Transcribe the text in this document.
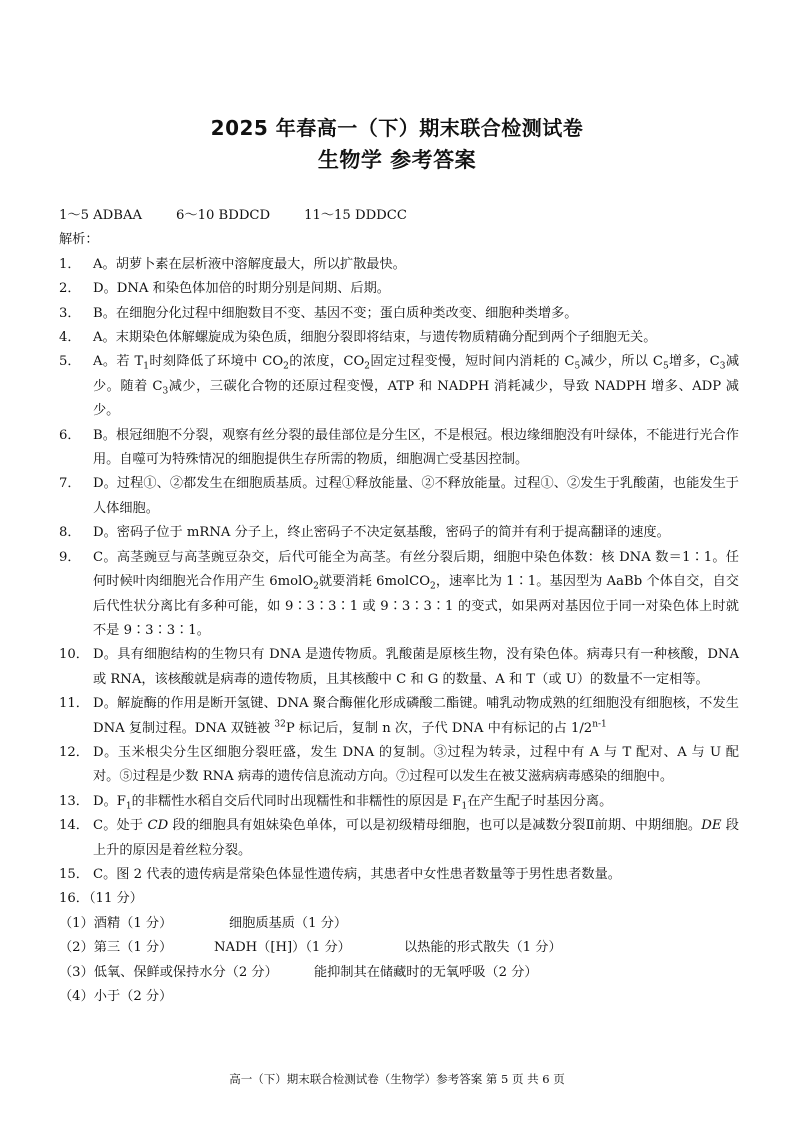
2025 年春高一（下）期末联合检测试卷
生物学 参考答案
1～5 ADBAA	6～10 BDDCD	11～15 DDDCC
解析：
1． A。胡萝卜素在层析液中溶解度最大，所以扩散最快。
2． D。DNA 和染色体加倍的时期分别是间期、后期。
3． B。在细胞分化过程中细胞数目不变、基因不变；蛋白质种类改变、细胞种类增多。
4． A。末期染色体解螺旋成为染色质，细胞分裂即将结束，与遗传物质精确分配到两个子细胞无关。
5． A。若 $T_1$时刻降低了环境中 $CO_2$的浓度，$CO_2$固定过程变慢，短时间内消耗的 $C_5$减少，所以 $C_5$增多，$C_3$减少。随着 $C_3$减少，三碳化合物的还原过程变慢，ATP 和 NADPH 消耗减少，导致 NADPH 增多、ADP 减少。
6． B。根冠细胞不分裂，观察有丝分裂的最佳部位是分生区，不是根冠。根边缘细胞没有叶绿体，不能进行光合作用。自噬可为特殊情况的细胞提供生存所需的物质，细胞凋亡受基因控制。
7． D。过程①、②都发生在细胞质基质。过程①释放能量、②不释放能量。过程①、②发生于乳酸菌，也能发生于人体细胞。
8． D。密码子位于 mRNA 分子上，终止密码子不决定氨基酸，密码子的简并有利于提高翻译的速度。
9． C。高茎豌豆与高茎豌豆杂交，后代可能全为高茎。有丝分裂后期，细胞中染色体数：核 DNA 数＝1∶1。任何时候叶肉细胞光合作用产生 6molO$_2$就要消耗 6molCO$_2$，速率比为 1∶1。基因型为 AaBb 个体自交，自交后代性状分离比有多种可能，如 9∶3∶3∶1 或 9∶3∶3∶1 的变式，如果两对基因位于同一对染色体上时就不是 9∶3∶3∶1。
10． D。具有细胞结构的生物只有 DNA 是遗传物质。乳酸菌是原核生物，没有染色体。病毒只有一种核酸，DNA 或 RNA，该核酸就是病毒的遗传物质，且其核酸中 C 和 G 的数量、A 和 T（或 U）的数量不一定相等。
11． D。解旋酶的作用是断开氢键、DNA 聚合酶催化形成磷酸二酯键。哺乳动物成熟的红细胞没有细胞核，不发生 DNA 复制过程。DNA 双链被 $^{32}$P 标记后，复制 n 次，子代 DNA 中有标记的占 1/2$^{n-1}$
12． D。玉米根尖分生区细胞分裂旺盛，发生 DNA 的复制。③过程为转录，过程中有 A 与 T 配对、A 与 U 配对。⑤过程是少数 RNA 病毒的遗传信息流动方向。⑦过程可以发生在被艾滋病病毒感染的细胞中。
13． D。$F_1$的非糯性水稻自交后代同时出现糯性和非糯性的原因是 $F_1$在产生配子时基因分离。
14． C。处于 CD 段的细胞具有姐妹染色单体，可以是初级精母细胞，也可以是减数分裂Ⅱ前期、中期细胞。DE 段上升的原因是着丝粒分裂。
15． C。图 2 代表的遗传病是常染色体显性遗传病，其患者中女性患者数量等于男性患者数量。
16．（11 分）
（1）酒精（1 分）	细胞质基质（1 分）
（2）第三（1 分）	NADH（[H]）（1 分）	以热能的形式散失（1 分）
（3）低氧、保鲜或保持水分（2 分）	能抑制其在储藏时的无氧呼吸（2 分）
（4）小于（2 分）
高一（下）期末联合检测试卷（生物学）参考答案 第 5 页 共 6 页
